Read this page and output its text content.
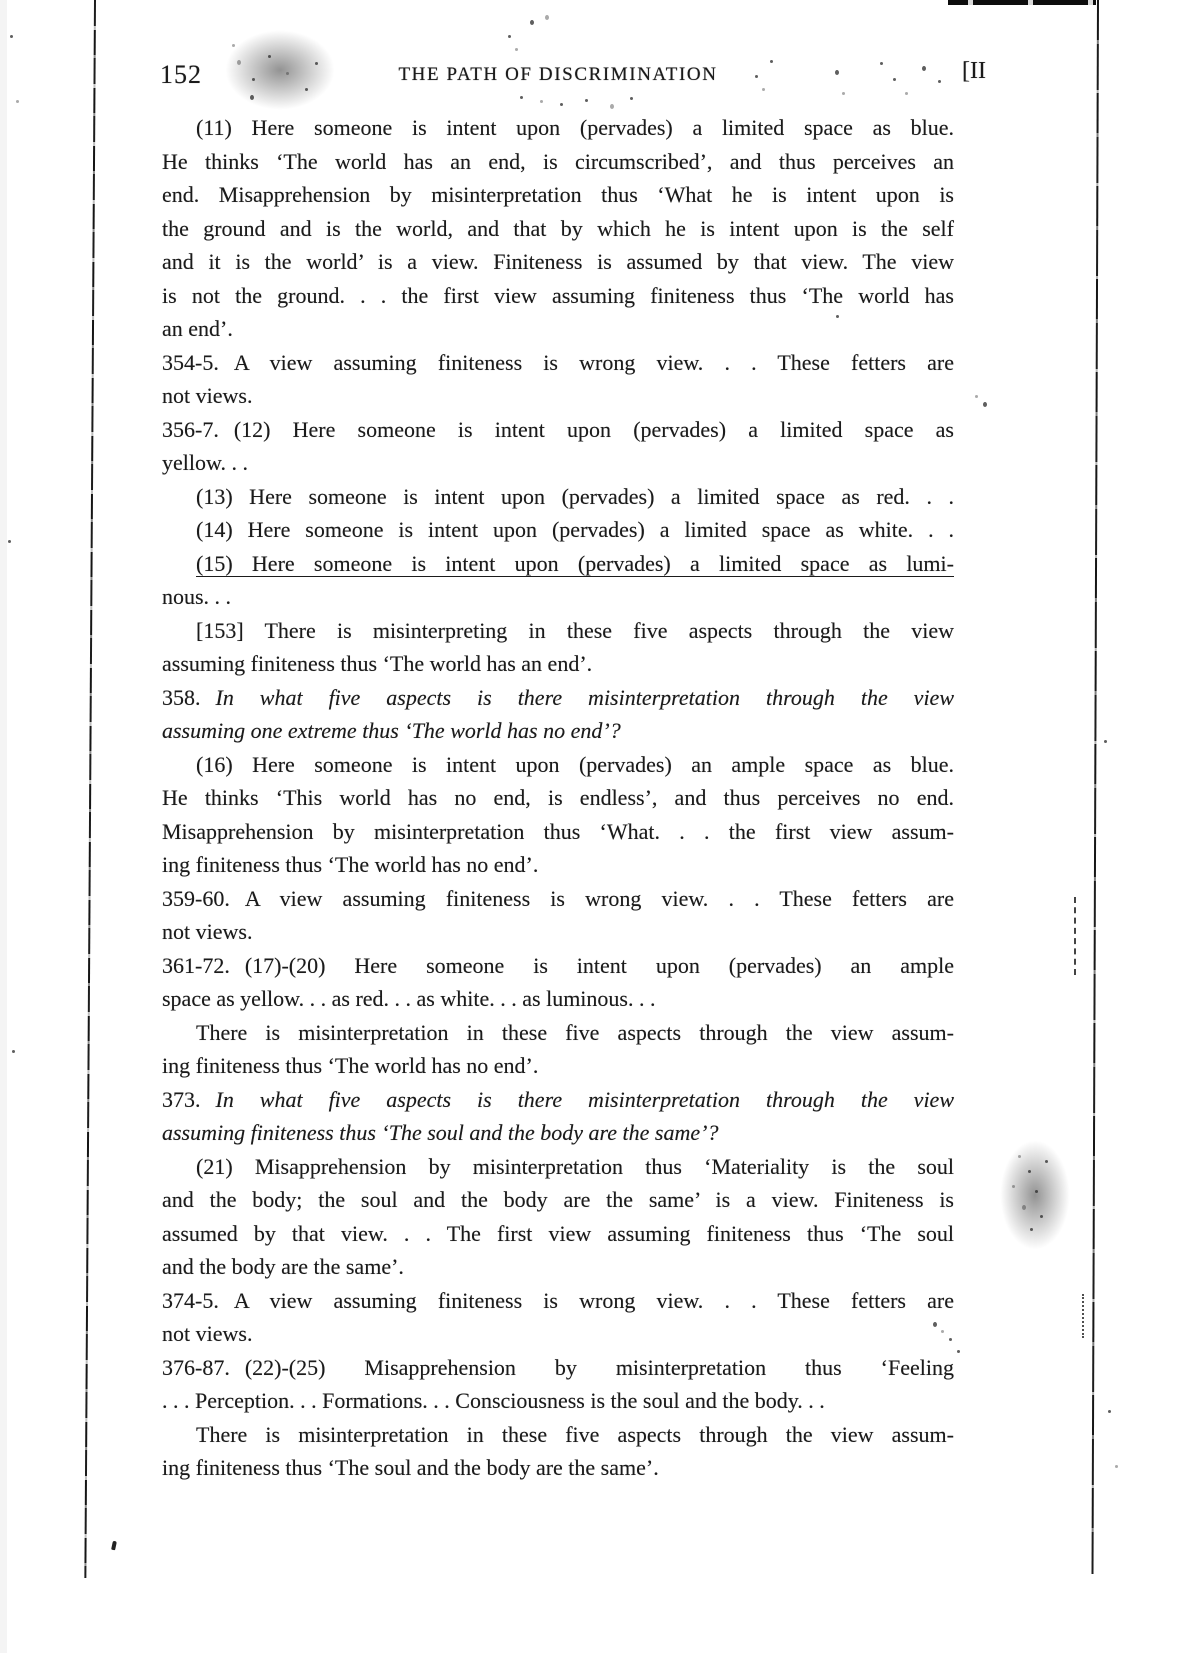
152	THE PATH OF DISCRIMINATION	[II
(11) Here someone is intent upon (pervades) a limited space as blue.
He thinks ‘The world has an end, is circumscribed’, and thus perceives an
end. Misapprehension by misinterpretation thus ‘What he is intent upon is
the ground and is the world, and that by which he is intent upon is the self
and it is the world’ is a view. Finiteness is assumed by that view. The view
is not the ground. . . the first view assuming finiteness thus ‘The world has
an end’.
354-5. A view assuming finiteness is wrong view. . . These fetters are
not views.
356-7. (12) Here someone is intent upon (pervades) a limited space as
yellow. . .
(13) Here someone is intent upon (pervades) a limited space as red. . .
(14) Here someone is intent upon (pervades) a limited space as white. . .
(15) Here someone is intent upon (pervades) a limited space as lumi-
nous. . .
[153] There is misinterpreting in these five aspects through the view
assuming finiteness thus ‘The world has an end’.
358. In what five aspects is there misinterpretation through the view
assuming one extreme thus ‘The world has no end’?
(16) Here someone is intent upon (pervades) an ample space as blue.
He thinks ‘This world has no end, is endless’, and thus perceives no end.
Misapprehension by misinterpretation thus ‘What. . . the first view assum-
ing finiteness thus ‘The world has no end’.
359-60. A view assuming finiteness is wrong view. . . These fetters are
not views.
361-72. (17)-(20) Here someone is intent upon (pervades) an ample
space as yellow. . . as red. . . as white. . . as luminous. . .
There is misinterpretation in these five aspects through the view assum-
ing finiteness thus ‘The world has no end’.
373. In what five aspects is there misinterpretation through the view
assuming finiteness thus ‘The soul and the body are the same’?
(21) Misapprehension by misinterpretation thus ‘Materiality is the soul
and the body; the soul and the body are the same’ is a view. Finiteness is
assumed by that view. . . The first view assuming finiteness thus ‘The soul
and the body are the same’.
374-5. A view assuming finiteness is wrong view. . . These fetters are
not views.
376-87. (22)-(25) Misapprehension by misinterpretation thus ‘Feeling
. . . Perception. . . Formations. . . Consciousness is the soul and the body. . .
There is misinterpretation in these five aspects through the view assum-
ing finiteness thus ‘The soul and the body are the same’.
